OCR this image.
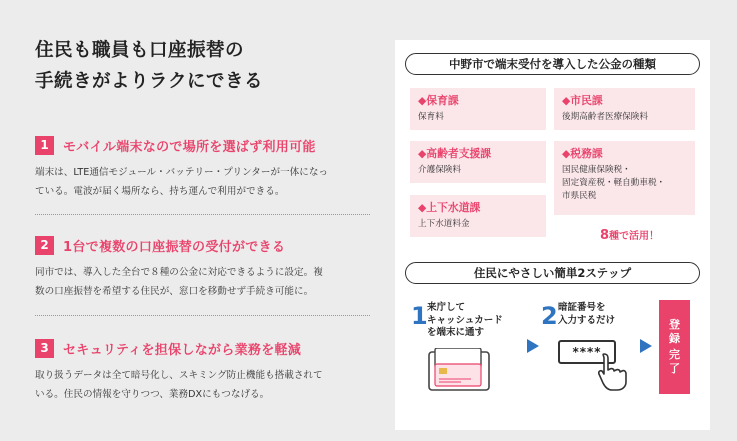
住民も職員も口座振替の
手続きがよりラクにできる
1	モバイル端末なので場所を選ばず利用可能
端末は、LTE通信モジュール・バッテリー・プリンターが一体になっ
ている。電波が届く場所なら、持ち運んで利用ができる。
2	1台で複数の口座振替の受付ができる
同市では、導入した全台で８種の公金に対応できるように設定。複
数の口座振替を希望する住民が、窓口を移動せず手続き可能に。
3	セキュリティを担保しながら業務を軽減
取り扱うデータは全て暗号化し、スキミング防止機能も搭載されて
いる。住民の情報を守りつつ、業務DXにもつなげる。
中野市で端末受付を導入した公金の種類
◆保育課
保育料
◆市民課
後期高齢者医療保険料
◆高齢者支援課
介護保険料
◆税務課
国民健康保険税・
固定資産税・軽自動車税・
市県民税
◆上下水道課
上下水道料金
8種で活用！
住民にやさしい簡単2ステップ
1 来庁して
キャッシュカード
を端末に通す
2 暗証番号を
入力するだけ
****
登
録
完
了
